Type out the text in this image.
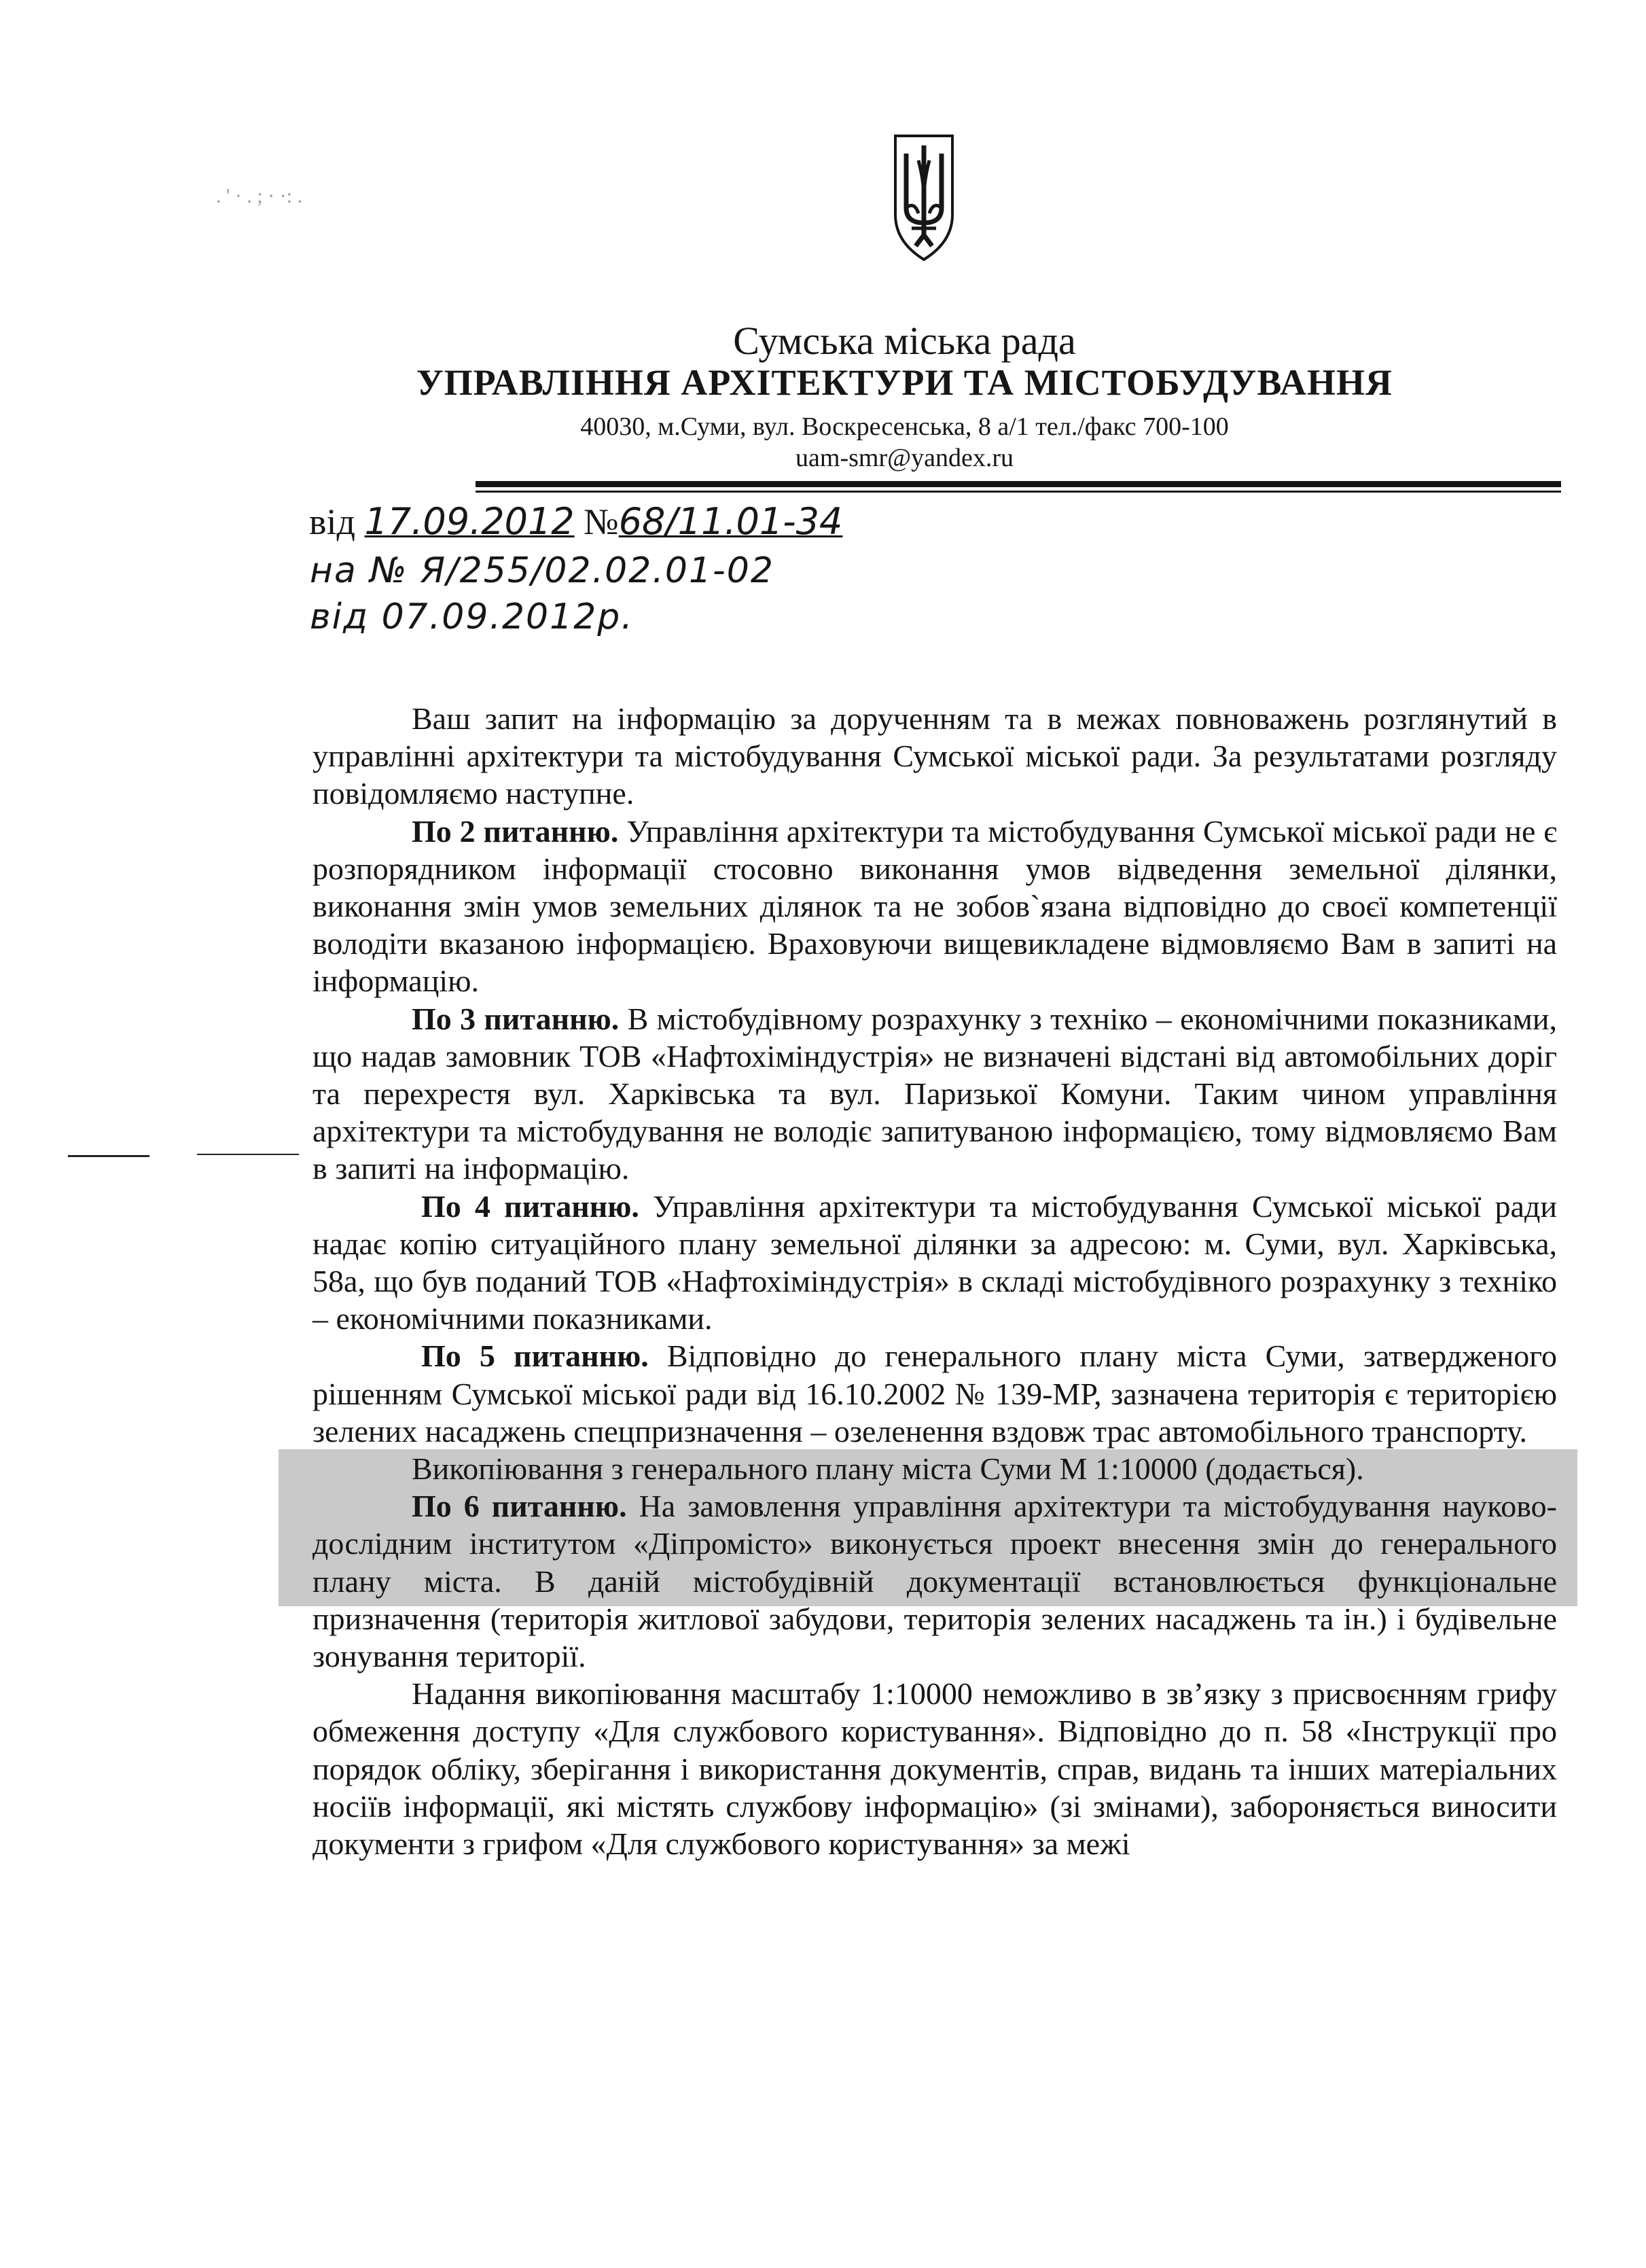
Сумська міська рада
УПРАВЛІННЯ АРХІТЕКТУРИ ТА МІСТОБУДУВАННЯ
40030, м.Суми, вул. Воскресенська, 8 а/1 тел./факс 700-100
uam-smr@yandex.ru
від 17.09.2012 №68/11.01-34
на № Я/255/02.02.01-02
від 07.09.2012р.
. ' · . ; · ·: .

Ваш запит на інформацію за дорученням та в межах повноважень розглянутий в управлінні архітектури та містобудування Сумської міської ради. За результатами розгляду повідомляємо наступне.

По 2 питанню. Управління архітектури та містобудування Сумської міської ради не є розпорядником інформації стосовно виконання умов відведення земельної ділянки, виконання змін умов земельних ділянок та не зобов`язана відповідно до своєї компетенції володіти вказаною інформацією. Враховуючи вищевикладене відмовляємо Вам в запиті на інформацію.

По 3 питанню. В містобудівному розрахунку з техніко – економічними показниками, що надав замовник ТОВ «Нафтохіміндустрія» не визначені відстані від автомобільних доріг та перехрестя вул. Харківська та вул. Паризької Комуни. Таким чином управління архітектури та містобудування не володіє запитуваною інформацією, тому відмовляємо Вам в запиті на інформацію.

По 4 питанню. Управління архітектури та містобудування Сумської міської ради надає копію ситуаційного плану земельної ділянки за адресою: м. Суми, вул. Харківська, 58а, що був поданий ТОВ «Нафтохіміндустрія» в складі містобудівного розрахунку з техніко – економічними показниками.

По 5 питанню. Відповідно до генерального плану міста Суми, затвердженого рішенням Сумської міської ради від 16.10.2002 № 139-МР, зазначена територія є територією зелених насаджень спецпризначення – озеленення вздовж трас автомобільного транспорту.

Викопіювання з генерального плану міста Суми М 1:10000 (додається).

По 6 питанню. На замовлення управління архітектури та містобудування науково-дослідним інститутом «Діпромісто» виконується проект внесення змін до генерального плану міста. В даній містобудівній документації встановлюється функціональне призначення (територія житлової забудови, територія зелених насаджень та ін.) і будівельне зонування території.

Надання викопіювання масштабу 1:10000 неможливо в зв’язку з присвоєнням грифу обмеження доступу «Для службового користування». Відповідно до п. 58 «Інструкції про порядок обліку, зберігання і використання документів, справ, видань та інших матеріальних носіїв інформації, які містять службову інформацію» (зі змінами), забороняється виносити документи з грифом «Для службового користування» за межі
